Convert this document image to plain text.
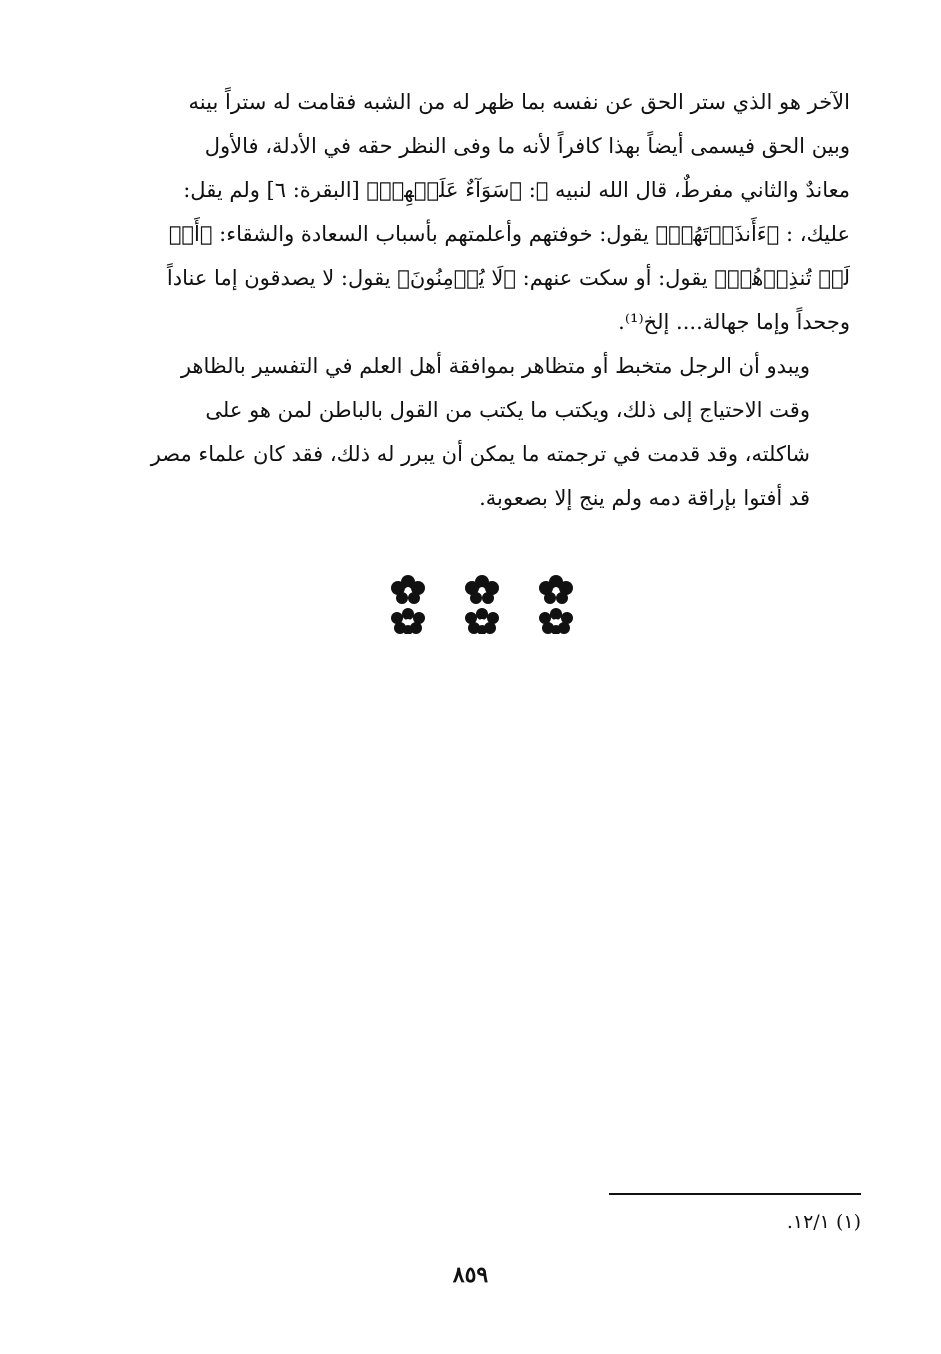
الآخر هو الذي ستر الحق عن نفسه بما ظهر له من الشبه فقامت له ستراً بينه
وبين الحق فيسمى أيضاً بهذا كافراً لأنه ما وفى النظر حقه في الأدلة، فالأول
معاندٌ والثاني مفرطٌ، قال الله لنبيه ﷺ: ﴿سَوَآءٌ عَلَيۡهِمۡ﴾ [البقرة: ٦] ولم يقل:
عليك، : ﴿ءَأَنذَرۡتَهُمۡ﴾ يقول: خوفتهم وأعلمتهم بأسباب السعادة والشقاء: ﴿أَمۡ
لَمۡ تُنذِرۡهُمۡ﴾ يقول: أو سكت عنهم: ﴿لَا يُؤۡمِنُونَ﴾ يقول: لا يصدقون إما عناداً
وجحداً وإما جهالة.... إلخ⁽¹⁾.
ويبدو أن الرجل متخبط أو متظاهر بموافقة أهل العلم في التفسير بالظاهر
وقت الاحتياج إلى ذلك، ويكتب ما يكتب من القول بالباطن لمن هو على
شاكلته، وقد قدمت في ترجمته ما يمكن أن يبرر له ذلك، فقد كان علماء مصر
قد أفتوا بإراقة دمه ولم ينج إلا بصعوبة.
(١) ١٢/١.
٨٥٩
